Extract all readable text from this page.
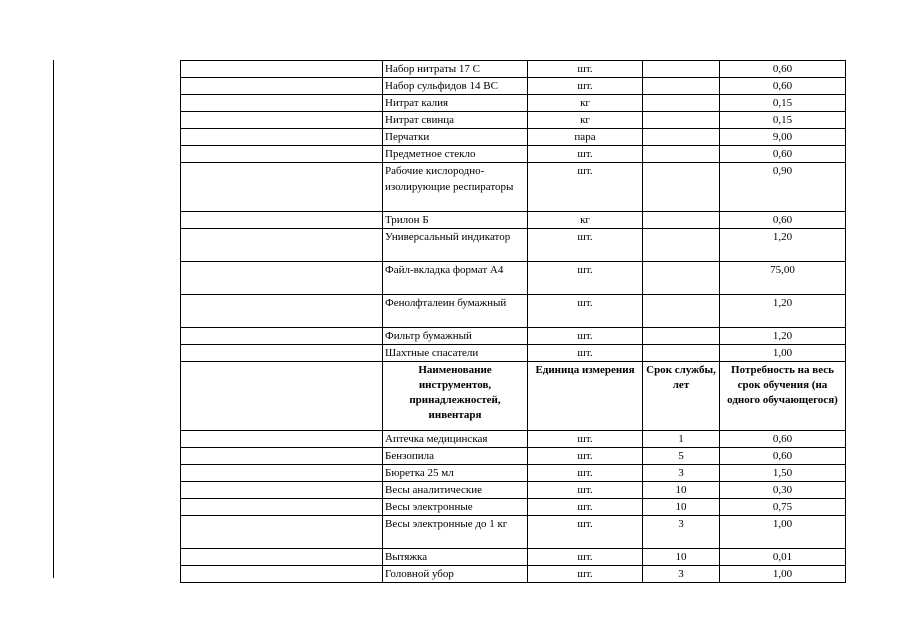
	Набор нитраты 17 С	шт.		0,60
	Набор сульфидов 14 ВС	шт.		0,60
	Нитрат калия	кг		0,15
	Нитрат свинца	кг		0,15
	Перчатки	пара		9,00
	Предметное стекло	шт.		0,60
	Рабочие кислородно-изолирующие респираторы	шт.		0,90
	Трилон Б	кг		0,60
	Универсальный индикатор	шт.		1,20
	Файл-вкладка формат А4	шт.		75,00
	Фенолфталеин бумажный	шт.		1,20
	Фильтр бумажный	шт.		1,20
	Шахтные спасатели	шт.		1,00
	Наименование инструментов, принадлежностей, инвентаря	Единица измерения	Срок службы, лет	Потребность на весь срок обучения (на одного обучающегося)
	Аптечка медицинская	шт.	1	0,60
	Бензопила	шт.	5	0,60
	Бюретка 25 мл	шт.	3	1,50
	Весы аналитические	шт.	10	0,30
	Весы электронные	шт.	10	0,75
	Весы электронные до 1 кг	шт.	3	1,00
	Вытяжка	шт.	10	0,01
	Головной убор	шт.	3	1,00
